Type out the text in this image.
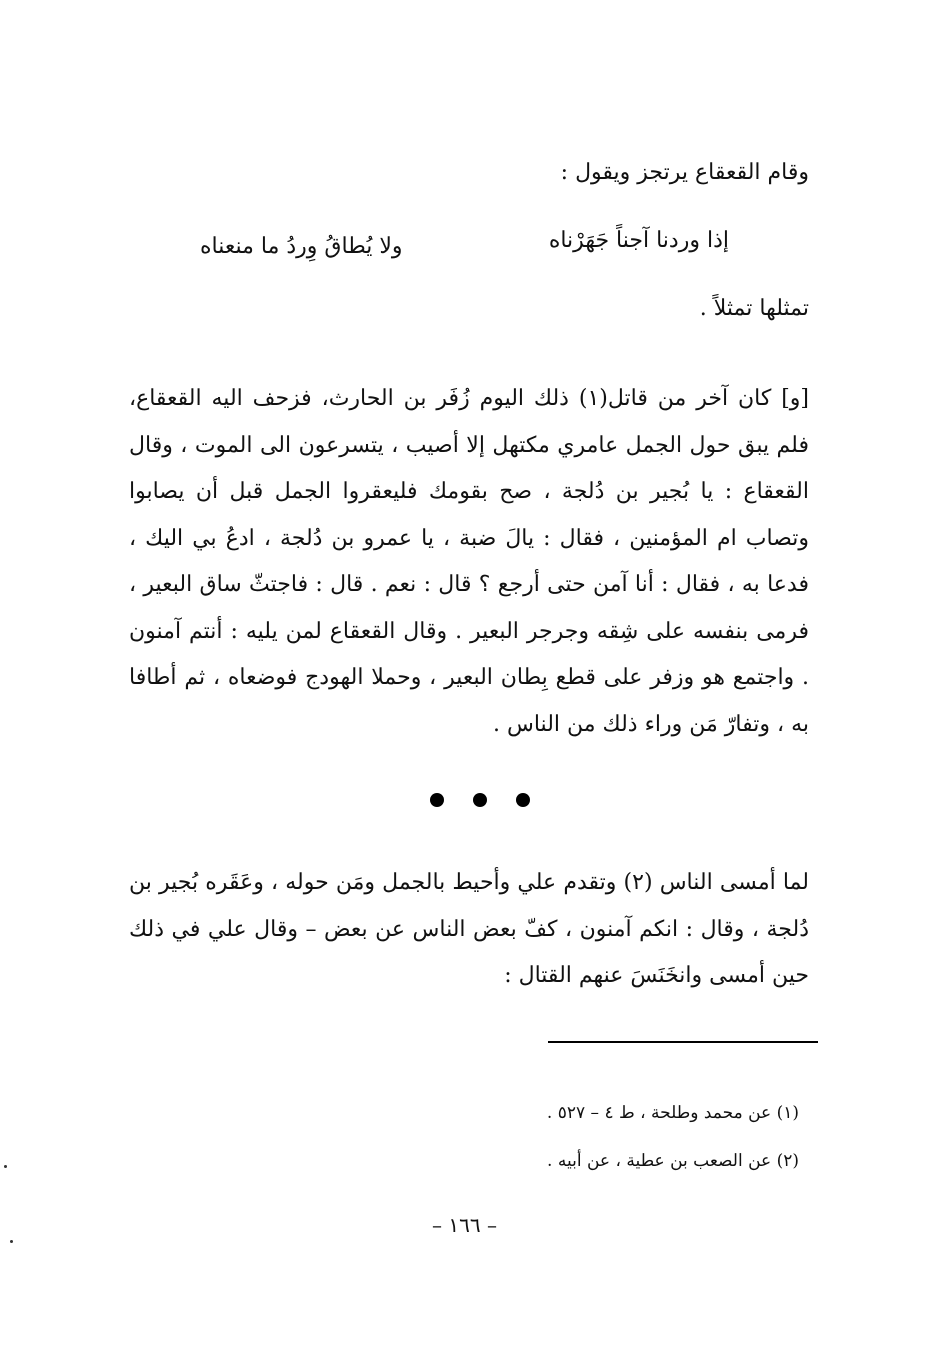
وقام القعقاع يرتجز ويقول :
إذا وردنا آجناً جَهَرْناه
ولا يُطاقُ وِردُ ما منعناه
تمثلها تمثلاً .
[و] كان آخر من قاتل(١) ذلك اليوم زُفَر بن الحارث، فزحف اليه القعقاع، فلم يبق حول الجمل عامري مكتهل إلا أصيب ، يتسرعون الى الموت ، وقال القعقاع : يا بُجير بن دُلجة ، صح بقومك فليعقروا الجمل قبل أن يصابوا وتصاب ام المؤمنين ، فقال : يالَ ضبة ، يا عمرو بن دُلجة ، ادعُ بي اليك ، فدعا به ، فقال : أنا آمن حتى أرجع ؟ قال : نعم . قال : فاجتثّ ساق البعير ، فرمى بنفسه على شِقه وجرجر البعير . وقال القعقاع لمن يليه : أنتم آمنون . واجتمع هو وزفر على قطع بِطان البعير ، وحملا الهودج فوضعاه ، ثم أطافا به ، وتفارّ مَن وراء ذلك من الناس .
لما أمسى الناس (٢) وتقدم علي وأحيط بالجمل ومَن حوله ، وعَقَره بُجير بن دُلجة ، وقال : انكم آمنون ، كفّ بعض الناس عن بعض – وقال علي في ذلك حين أمسى وانخَنَسَ عنهم القتال :
(١) عن محمد وطلحة ، ط ٤ – ٥٢٧ .
(٢) عن الصعب بن عطية ، عن أبيه .
– ١٦٦ –
